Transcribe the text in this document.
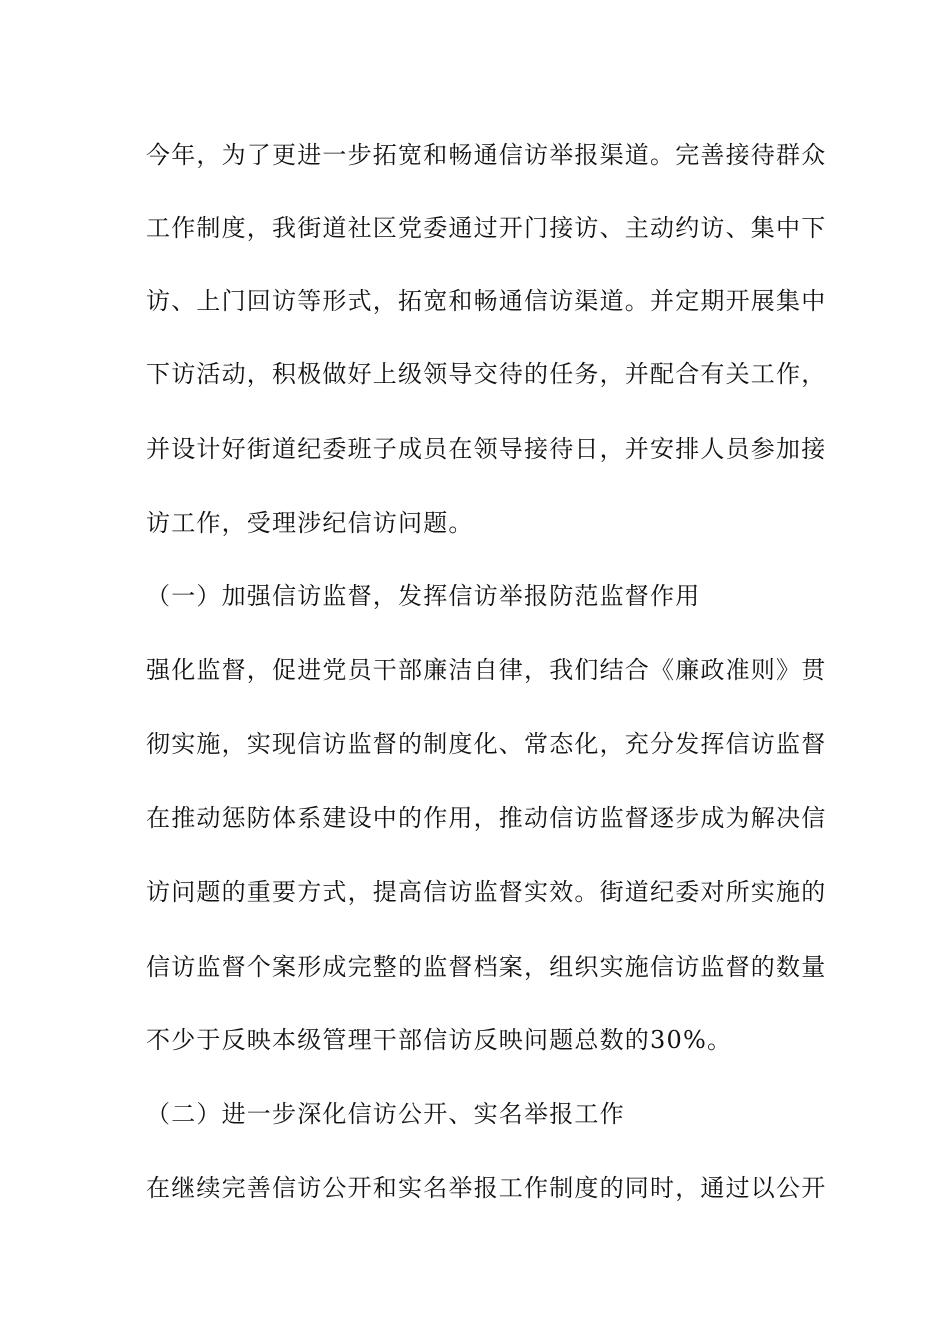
今年，为了更进一步拓宽和畅通信访举报渠道。完善接待群众
工作制度，我街道社区党委通过开门接访、主动约访、集中下
访、上门回访等形式，拓宽和畅通信访渠道。并定期开展集中
下访活动，积极做好上级领导交待的任务，并配合有关工作，
并设计好街道纪委班子成员在领导接待日，并安排人员参加接
访工作，受理涉纪信访问题。
（一）加强信访监督，发挥信访举报防范监督作用
强化监督，促进党员干部廉洁自律，我们结合《廉政准则》贯
彻实施，实现信访监督的制度化、常态化，充分发挥信访监督
在推动惩防体系建设中的作用，推动信访监督逐步成为解决信
访问题的重要方式，提高信访监督实效。街道纪委对所实施的
信访监督个案形成完整的监督档案，组织实施信访监督的数量
不少于反映本级管理干部信访反映问题总数的30%。
（二）进一步深化信访公开、实名举报工作
在继续完善信访公开和实名举报工作制度的同时，通过以公开
